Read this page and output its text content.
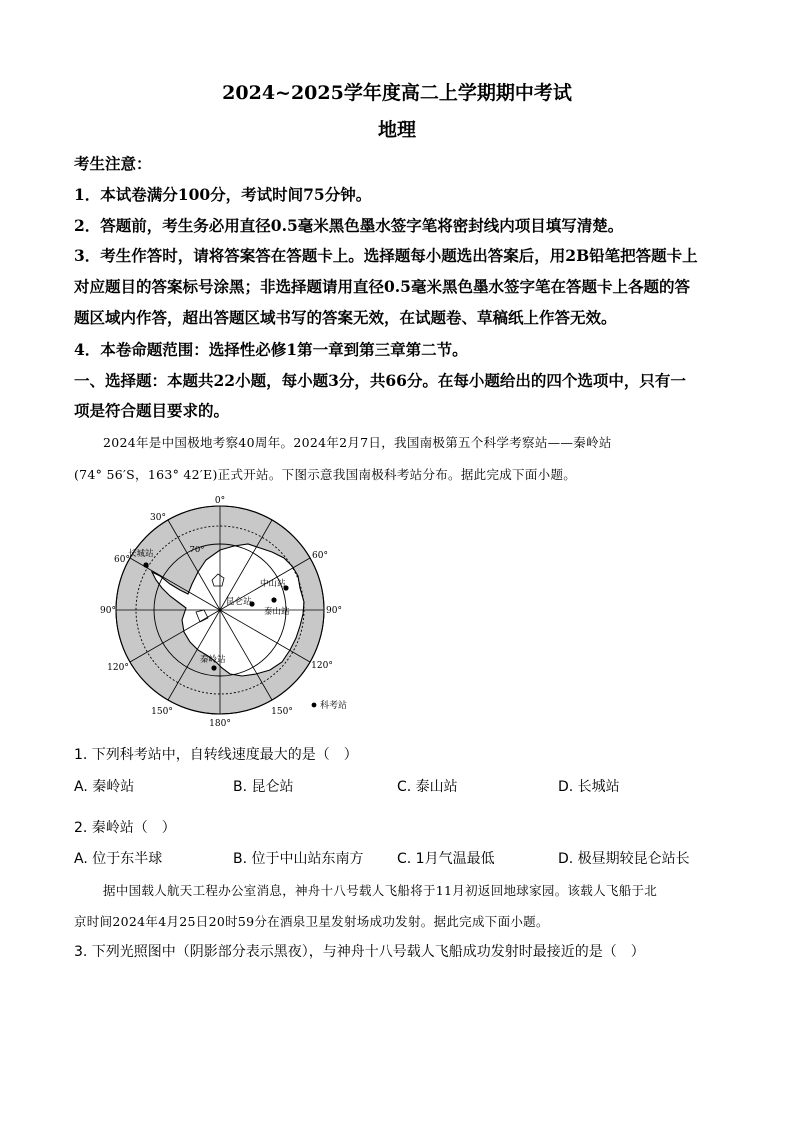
2024~2025学年度高二上学期期中考试
地理
考生注意：
1．本试卷满分100分，考试时间75分钟。
2．答题前，考生务必用直径0.5毫米黑色墨水签字笔将密封线内项目填写清楚。
3．考生作答时，请将答案答在答题卡上。选择题每小题选出答案后，用2B铅笔把答题卡上
对应题目的答案标号涂黑；非选择题请用直径0.5毫米黑色墨水签字笔在答题卡上各题的答
题区域内作答，超出答题区域书写的答案无效，在试题卷、草稿纸上作答无效。
4．本卷命题范围：选择性必修1第一章到第三章第二节。
一、选择题：本题共22小题，每小题3分，共66分。在每小题给出的四个选项中，只有一
项是符合题目要求的。
2024年是中国极地考察40周年。2024年2月7日，我国南极第五个科学考察站——秦岭站
(74° 56′S，163° 42′E)正式开站。下图示意我国南极科考站分布。据此完成下面小题。
0°
30°
60°	60°
90°	90°
120°	120°
150°	150°
180°
70°
长城站
中山站
昆仑站
泰山站
秦岭站
科考站
1. 下列科考站中，自转线速度最大的是（　）
A. 秦岭站	B. 昆仑站	C. 泰山站	D. 长城站
2. 秦岭站（　）
A. 位于东半球	B. 位于中山站东南方 C. 1月气温最低	D. 极昼期较昆仑站长
据中国载人航天工程办公室消息，神舟十八号载人飞船将于11月初返回地球家园。该载人飞船于北
京时间2024年4月25日20时59分在酒泉卫星发射场成功发射。据此完成下面小题。
3. 下列光照图中（阴影部分表示黑夜），与神舟十八号载人飞船成功发射时最接近的是（　）
